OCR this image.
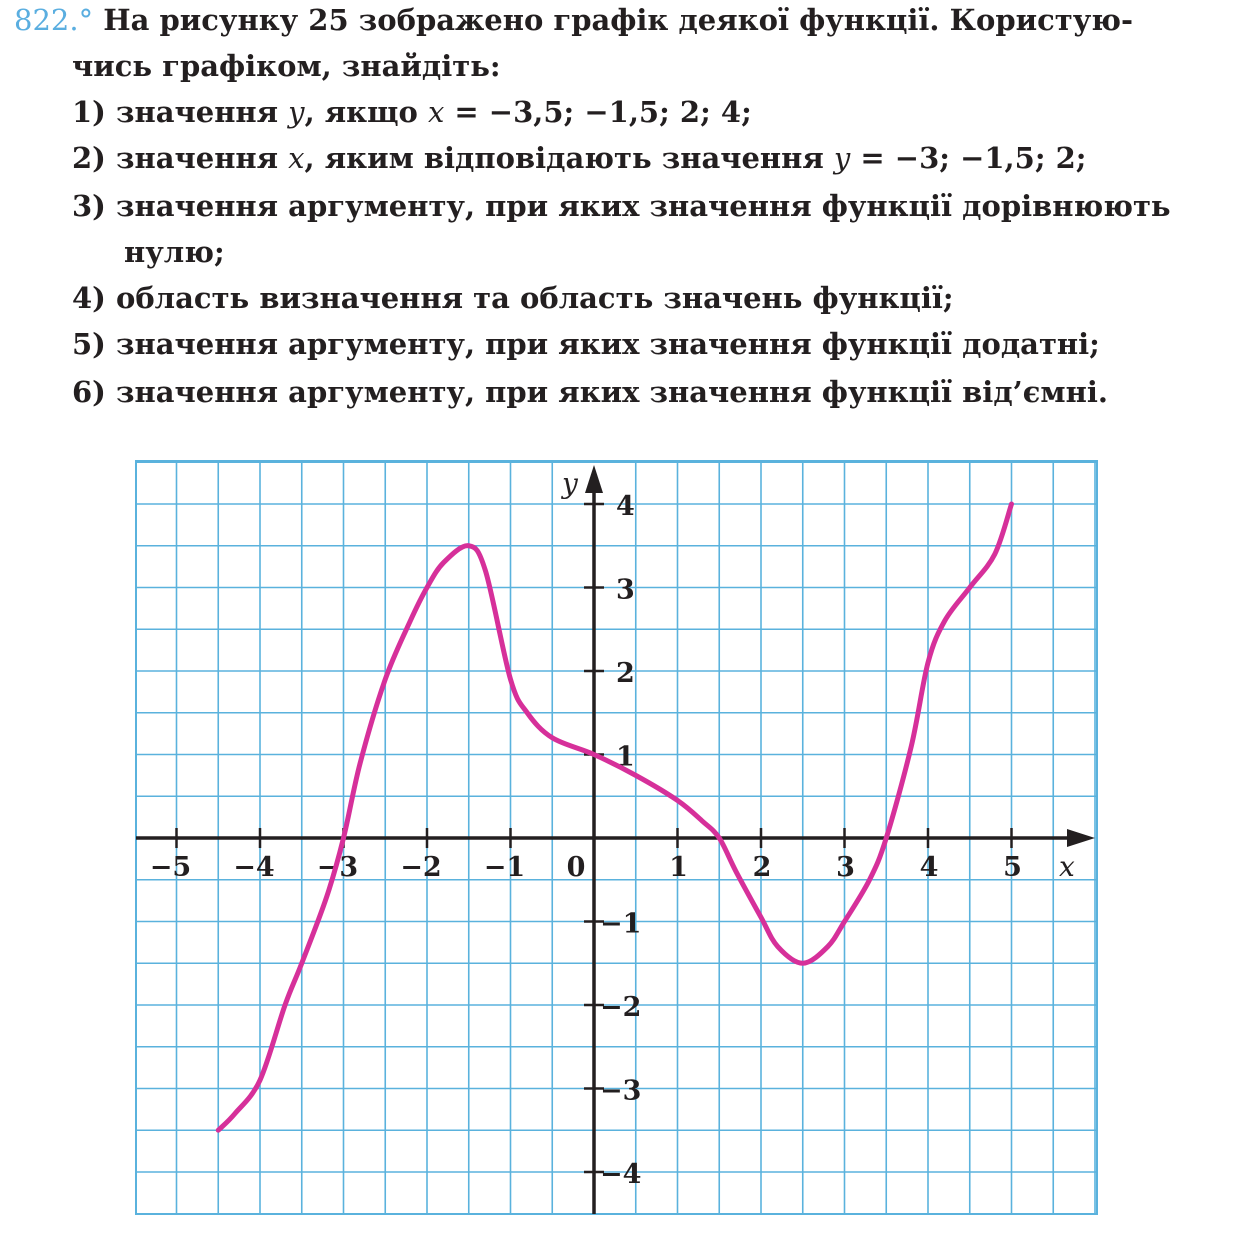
822.° На рисунку 25 зображено графік деякої функції. Користую-
чись графіком, знайдіть:
1) значення y, якщо x = −3,5; −1,5; 2; 4;
2) значення x, яким відповідають значення y = −3; −1,5; 2;
3) значення аргументу, при яких значення функції дорівнюють
нулю;
4) область визначення та область значень функції;
5) значення аргументу, при яких значення функції додатні;
6) значення аргументу, при яких значення функції від’ємні.
−5 −4 −3 −2 −1 0	1 2 3 4 5
4
3
2
1
−1
−2
−3
−4
x
y
